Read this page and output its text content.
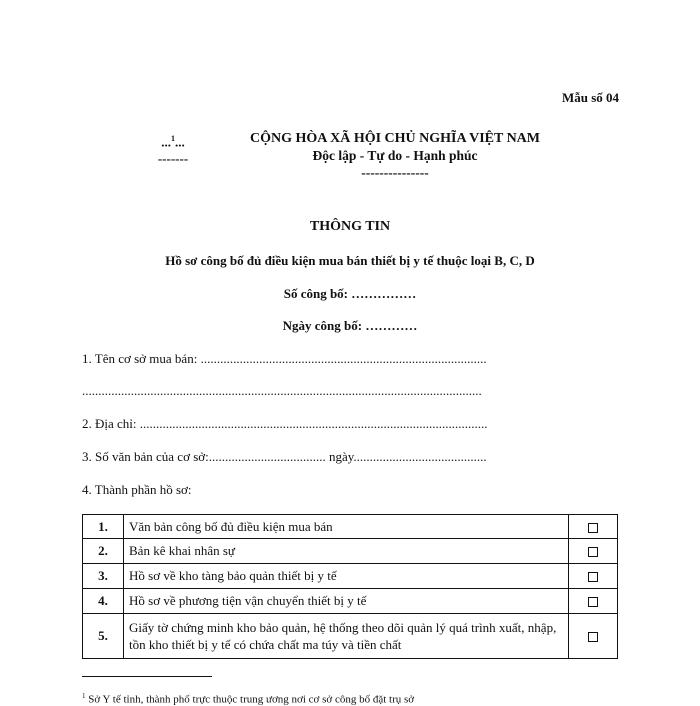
Mẫu số 04
...$^1$...
-------
CỘNG HÒA XÃ HỘI CHỦ NGHĨA VIỆT NAM
Độc lập - Tự do - Hạnh phúc
---------------
THÔNG TIN
Hồ sơ công bố đủ điều kiện mua bán thiết bị y tế thuộc loại B, C, D
Số công bố: ……………
Ngày công bố: …………
1. Tên cơ sở mua bán: ........................................................................................
...........................................................................................................................
2. Địa chỉ: ...........................................................................................................
3. Số văn bản của cơ sở:.................................... ngày.........................................
4. Thành phần hồ sơ:
1.	Văn bản công bố đủ điều kiện mua bán	
2.	Bản kê khai nhân sự	
3.	Hồ sơ về kho tàng bảo quản thiết bị y tế	
4.	Hồ sơ về phương tiện vận chuyển thiết bị y tế	
5.	Giấy tờ chứng minh kho bảo quản, hệ thống theo dõi quản lý quá trình xuất, nhập, tồn kho thiết bị y tế có chứa chất ma túy và tiền chất	
$^1$ Sở Y tế tỉnh, thành phố trực thuộc trung ương nơi cơ sở công bố đặt trụ sở
